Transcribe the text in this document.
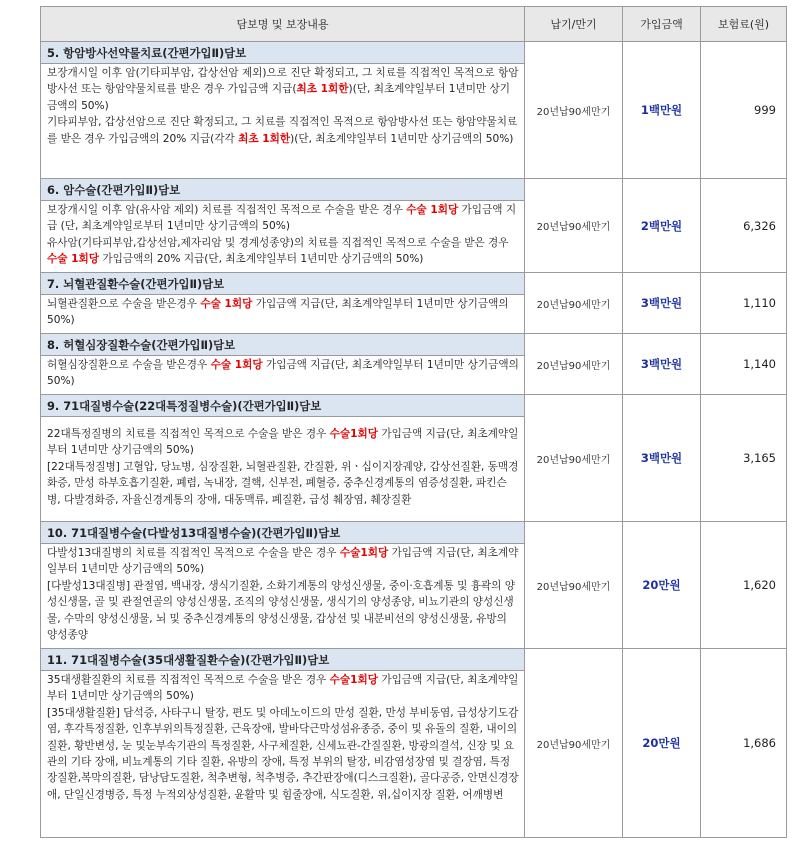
담보명 및 보장내용	납기/만기	가입금액	보험료(원)
5. 항암방사선약물치료(간편가입Ⅱ)담보	20년납90세만기	1백만원	999

보장개시일 이후 암(기타피부암, 갑상선암 제외)으로 진단 확정되고, 그 치료를 직접적인 목적으로 항암방사선 또는 항암약물치료를 받은 경우 가입금액 지급(최초 1회한)(단, 최초계약일부터 1년미만 상기금액의 50%)

기타피부암, 갑상선암으로 진단 확정되고, 그 치료를 직접적인 목적으로 항암방사선 또는 항암약물치료를 받은 경우 가입금액의 20% 지급(각각 최초 1회한)(단, 최초계약일부터 1년미만 상기금액의 50%)			

6. 암수술(간편가입Ⅱ)담보	20년납90세만기	2백만원	6,326

보장개시일 이후 암(유사암 제외) 치료를 직접적인 목적으로 수술을 받은 경우 수술 1회당 가입금액 지급 (단, 최초계약일로부터 1년미만 상기금액의 50%)

유사암(기타피부암,갑상선암,제자리암 및 경계성종양)의 치료를 직접적인 목적으로 수술을 받은 경우 수술 1회당 가입금액의 20% 지급(단, 최초계약일부터 1년미만 상기금액의 50%)			

7. 뇌혈관질환수술(간편가입Ⅱ)담보	20년납90세만기	3백만원	1,110

뇌혈관질환으로 수술을 받은경우 수술 1회당 가입금액 지급(단, 최초계약일부터 1년미만 상기금액의 50%)			

8. 허혈심장질환수술(간편가입Ⅱ)담보	20년납90세만기	3백만원	1,140

허혈심장질환으로 수술을 받은경우 수술 1회당 가입금액 지급(단, 최초계약일부터 1년미만 상기금액의 50%)			

9. 71대질병수술(22대특정질병수술)(간편가입Ⅱ)담보	20년납90세만기	3백만원	3,165

22대특정질병의 치료를 직접적인 목적으로 수술을 받은 경우 수술1회당 가입금액 지급(단, 최초계약일부터 1년미만 상기금액의 50%)

[22대특정질병] 고혈압, 당뇨병, 심장질환, 뇌혈관질환, 간질환, 위ㆍ십이지장궤양, 갑상선질환, 동맥경화증, 만성 하부호흡기질환, 폐렴, 녹내장, 결핵, 신부전, 폐혈증, 중추신경계통의 염증성질환, 파킨슨병, 다발경화증, 자율신경계통의 장애, 대동맥류, 폐질환, 급성 췌장염, 췌장질환			

10. 71대질병수술(다발성13대질병수술)(간편가입Ⅱ)담보	20년납90세만기	20만원	1,620

다발성13대질병의 치료를 직접적인 목적으로 수술을 받은 경우 수술1회당 가입금액 지급(단, 최초계약일부터 1년미만 상기금액의 50%)

[다발성13대질병] 관절염, 백내장, 생식기질환, 소화기계통의 양성신생물, 중이·호흡계통 및 흉곽의 양성신생물, 골 및 관절연골의 양성신생물, 조직의 양성신생물, 생식기의 양성종양, 비뇨기관의 양성신생물, 수막의 양성신생물, 뇌 및 중추신경계통의 양성신생물, 갑상선 및 내분비선의 양성신생물, 유방의 양성종양			

11. 71대질병수술(35대생활질환수술)(간편가입Ⅱ)담보	20년납90세만기	20만원	1,686

35대생활질환의 치료를 직접적인 목적으로 수술을 받은 경우 수술1회당 가입금액 지급(단, 최초계약일부터 1년미만 상기금액의 50%)

[35대생활질환] 담석증, 사타구니 탈장, 편도 및 아데노이드의 만성 질환, 만성 부비동염, 급성상기도감염, 후각특정질환, 인후부위의특정질환, 근육장애, 발바닥근막성섬유종증, 중이 및 유돌의 질환, 내이의 질환, 황반변성, 눈 및눈부속기관의 특정질환, 사구체질환, 신세뇨관-간질질환, 방광의결석, 신장 및 요관의 기타 장애, 비뇨계통의 기타 질환, 유방의 장애, 특정 부위의 탈장, 비감염성장염 및 결장염, 특정 장질환,복막의질환, 담낭담도질환, 척추변형, 척추병증, 추간판장애(디스크질환), 골다공증, 안면신경장애, 단일신경병증, 특정 누적외상성질환, 윤활막 및 힘줄장애, 식도질환, 위,십이지장 질환, 어깨병변			
